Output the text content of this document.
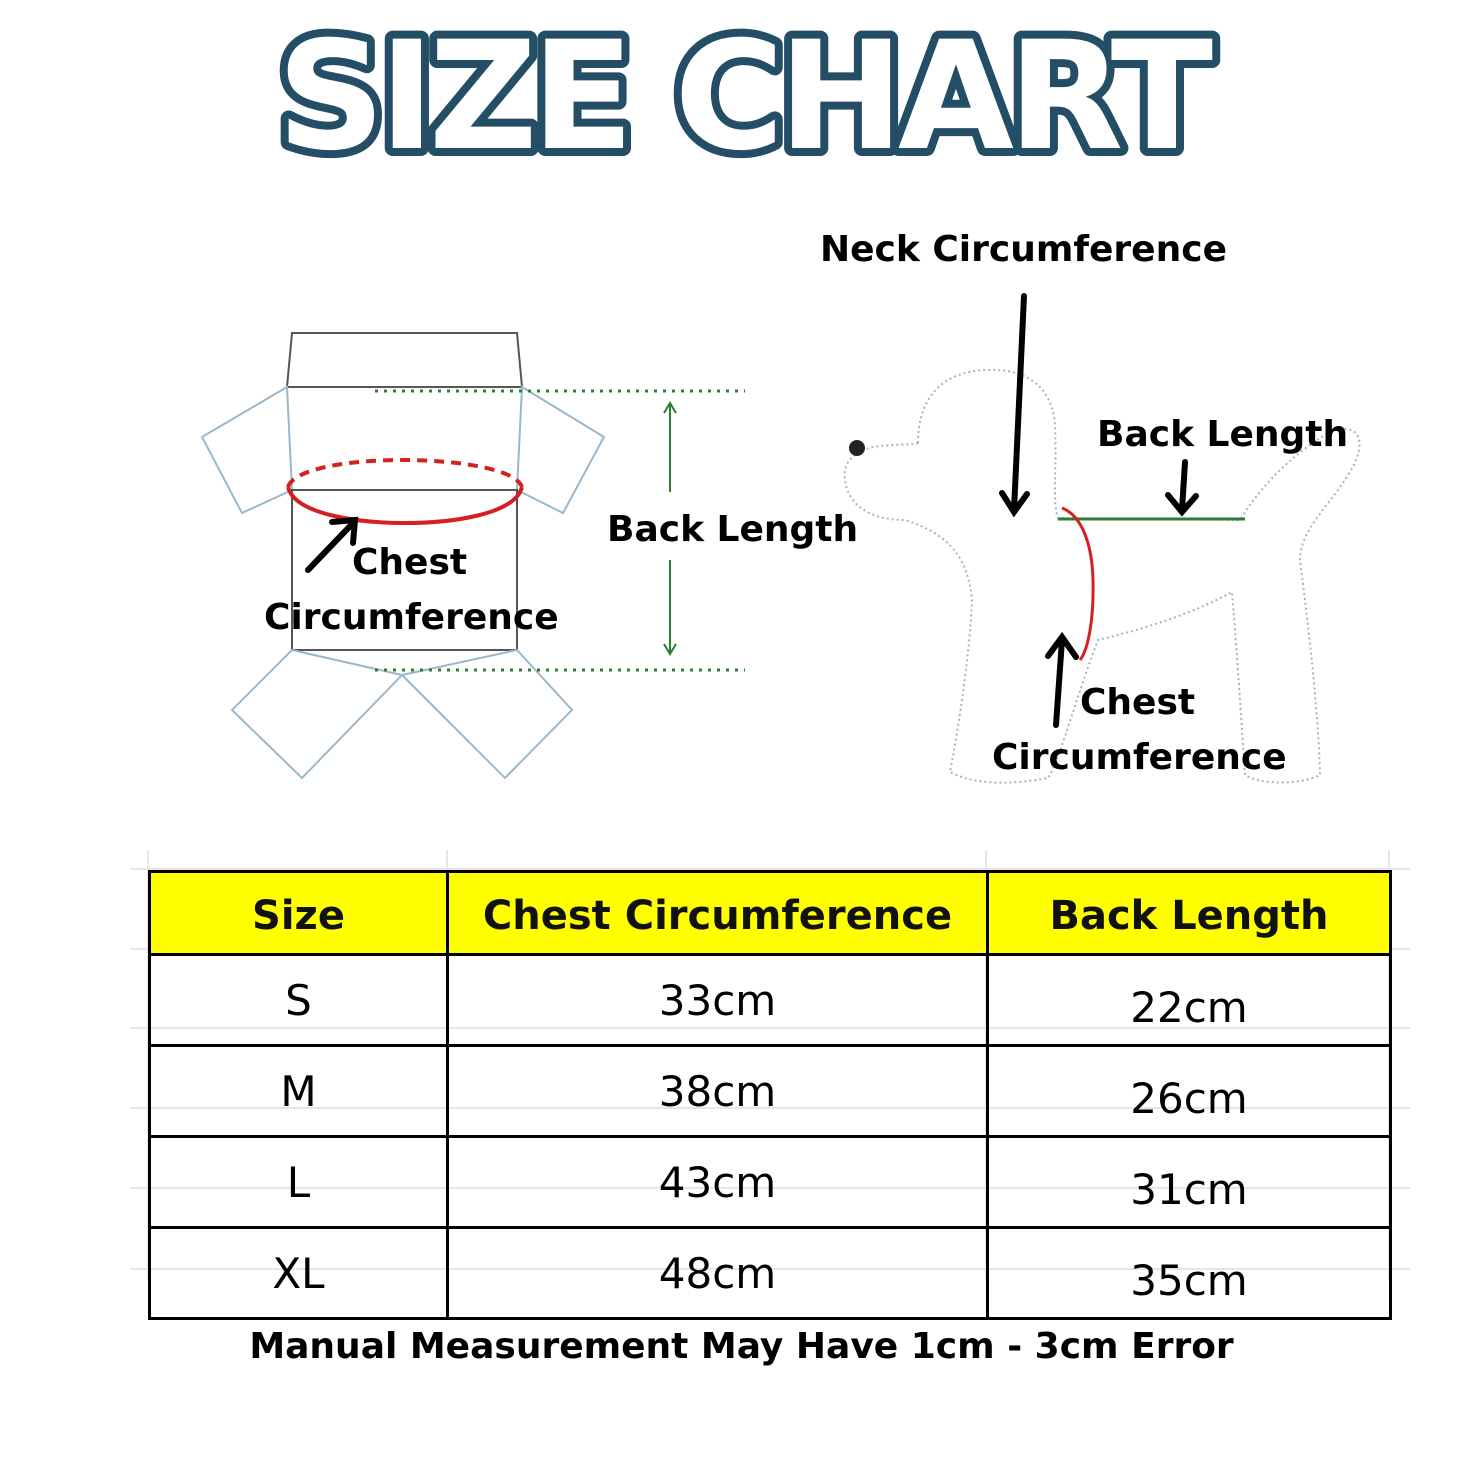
SIZE CHART
Chest
Circumference
Back Length
Neck Circumference
Back Length
Chest
Circumference
Size	Chest Circumference	Back Length
S	33cm	22cm
M	38cm	26cm
L	43cm	31cm
XL	48cm	35cm
Manual Measurement May Have 1cm - 3cm Error
